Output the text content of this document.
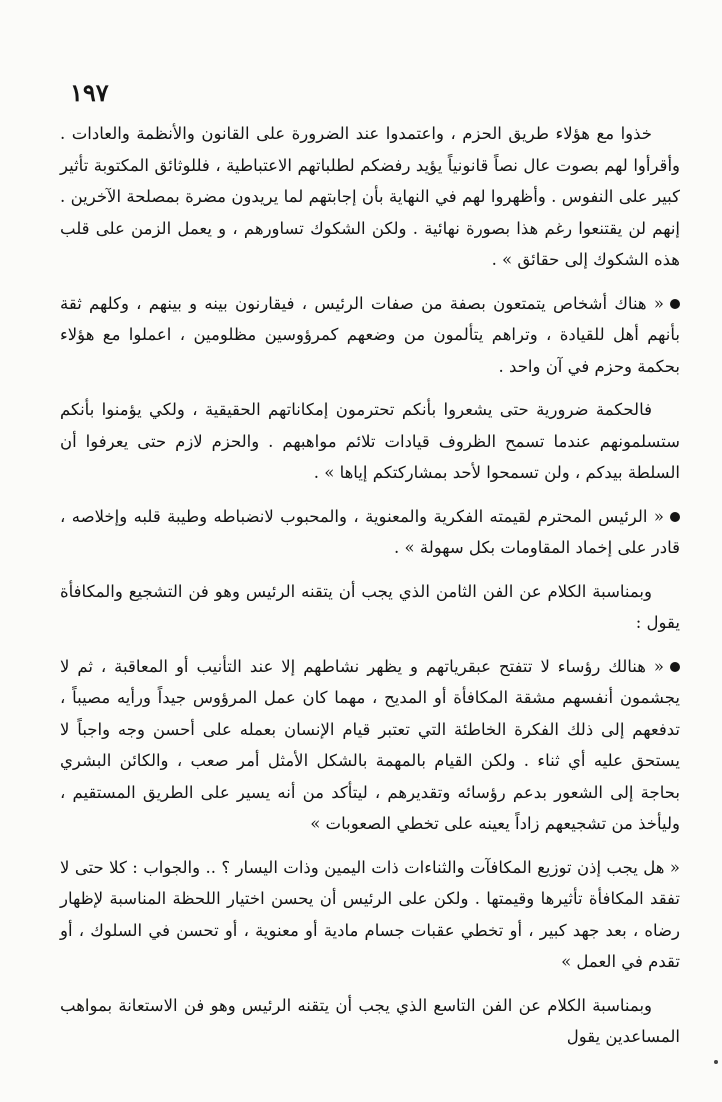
١٩٧

خذوا مع هؤلاء طريق الحزم ، واعتمدوا عند الضرورة على القانون والأنظمة والعادات . وأقرأوا لهم بصوت عال نصاً قانونياً يؤيد رفضكم لطلباتهم الاعتباطية ، فللوثائق المكتوبة تأثير كبير على النفوس . وأظهروا لهم في النهاية بأن إجابتهم لما يريدون مضرة بمصلحة الآخرين . إنهم لن يقتنعوا رغم هذا بصورة نهائية . ولكن الشكوك تساورهم ، و يعمل الزمن على قلب هذه الشكوك إلى حقائق » .

« هناك أشخاص يتمتعون بصفة من صفات الرئيس ، فيقارنون بينه و بينهم ، وكلهم ثقة بأنهم أهل للقيادة ، وتراهم يتألمون من وضعهم كمرؤوسين مظلومين ، اعملوا مع هؤلاء بحكمة وحزم في آن واحد .

فالحكمة ضرورية حتى يشعروا بأنكم تحترمون إمكاناتهم الحقيقية ، ولكي يؤمنوا بأنكم ستسلمونهم عندما تسمح الظروف قيادات تلائم مواهبهم . والحزم لازم حتى يعرفوا أن السلطة بيدكم ، ولن تسمحوا لأحد بمشاركتكم إياها » .

« الرئيس المحترم لقيمته الفكرية والمعنوية ، والمحبوب لانضباطه وطيبة قلبه وإخلاصه ، قادر على إخماد المقاومات بكل سهولة » .

وبمناسبة الكلام عن الفن الثامن الذي يجب أن يتقنه الرئيس وهو فن التشجيع والمكافأة يقول :

« هنالك رؤساء لا تتفتح عبقرياتهم و يظهر نشاطهم إلا عند التأنيب أو المعاقبة ، ثم لا يجشمون أنفسهم مشقة المكافأة أو المديح ، مهما كان عمل المرؤوس جيداً ورأيه مصيباً ، تدفعهم إلى ذلك الفكرة الخاطئة التي تعتبر قيام الإنسان بعمله على أحسن وجه واجباً لا يستحق عليه أي ثناء . ولكن القيام بالمهمة بالشكل الأمثل أمر صعب ، والكائن البشري بحاجة إلى الشعور بدعم رؤسائه وتقديرهم ، ليتأكد من أنه يسير على الطريق المستقيم ، وليأخذ من تشجيعهم زاداً يعينه على تخطي الصعوبات »

« هل يجب إذن توزيع المكافآت والثناءات ذات اليمين وذات اليسار ؟ .. والجواب : كلا حتى لا تفقد المكافأة تأثيرها وقيمتها . ولكن على الرئيس أن يحسن اختيار اللحظة المناسبة لإظهار رضاه ، بعد جهد كبير ، أو تخطي عقبات جسام مادية أو معنوية ، أو تحسن في السلوك ، أو تقدم في العمل »

وبمناسبة الكلام عن الفن التاسع الذي يجب أن يتقنه الرئيس وهو فن الاستعانة بمواهب المساعدين يقول
